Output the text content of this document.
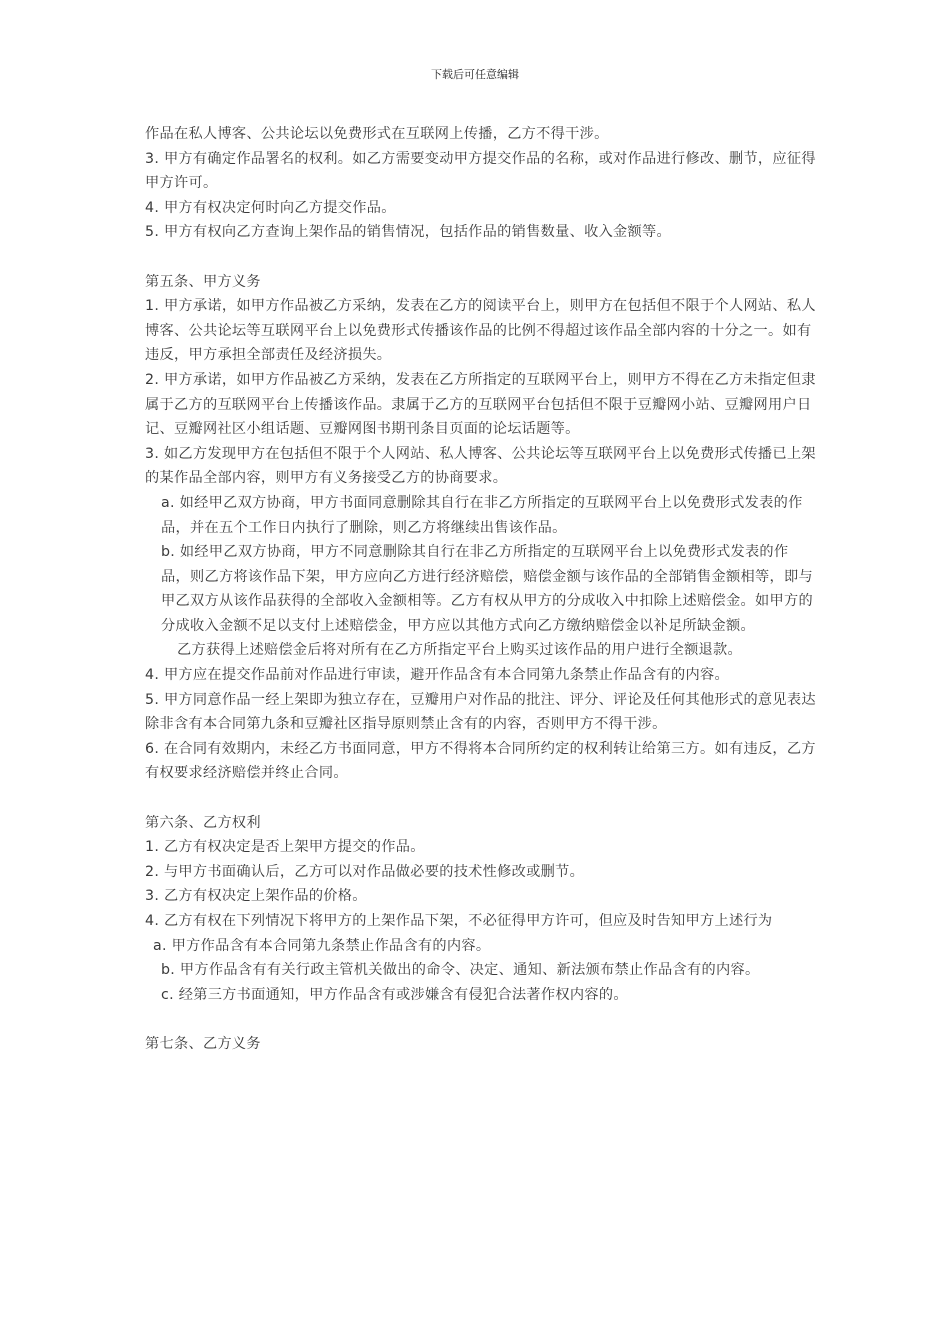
下载后可任意编辑

作品在私人博客、公共论坛以免费形式在互联网上传播，乙方不得干涉。

3. 甲方有确定作品署名的权利。如乙方需要变动甲方提交作品的名称，或对作品进行修改、删节，应征得甲方许可。

4. 甲方有权决定何时向乙方提交作品。

5. 甲方有权向乙方查询上架作品的销售情况，包括作品的销售数量、收入金额等。

第五条、甲方义务

1. 甲方承诺，如甲方作品被乙方采纳，发表在乙方的阅读平台上，则甲方在包括但不限于个人网站、私人博客、公共论坛等互联网平台上以免费形式传播该作品的比例不得超过该作品全部内容的十分之一。如有违反，甲方承担全部责任及经济损失。

2. 甲方承诺，如甲方作品被乙方采纳，发表在乙方所指定的互联网平台上，则甲方不得在乙方未指定但隶属于乙方的互联网平台上传播该作品。隶属于乙方的互联网平台包括但不限于豆瓣网小站、豆瓣网用户日记、豆瓣网社区小组话题、豆瓣网图书期刊条目页面的论坛话题等。

3. 如乙方发现甲方在包括但不限于个人网站、私人博客、公共论坛等互联网平台上以免费形式传播已上架的某作品全部内容，则甲方有义务接受乙方的协商要求。

a. 如经甲乙双方协商，甲方书面同意删除其自行在非乙方所指定的互联网平台上以免费形式发表的作品，并在五个工作日内执行了删除，则乙方将继续出售该作品。

b. 如经甲乙双方协商，甲方不同意删除其自行在非乙方所指定的互联网平台上以免费形式发表的作品，则乙方将该作品下架，甲方应向乙方进行经济赔偿，赔偿金额与该作品的全部销售金额相等，即与甲乙双方从该作品获得的全部收入金额相等。乙方有权从甲方的分成收入中扣除上述赔偿金。如甲方的分成收入金额不足以支付上述赔偿金，甲方应以其他方式向乙方缴纳赔偿金以补足所缺金额。

乙方获得上述赔偿金后将对所有在乙方所指定平台上购买过该作品的用户进行全额退款。

4. 甲方应在提交作品前对作品进行审读，避开作品含有本合同第九条禁止作品含有的内容。

5. 甲方同意作品一经上架即为独立存在，豆瓣用户对作品的批注、评分、评论及任何其他形式的意见表达除非含有本合同第九条和豆瓣社区指导原则禁止含有的内容，否则甲方不得干涉。

6. 在合同有效期内，未经乙方书面同意，甲方不得将本合同所约定的权利转让给第三方。如有违反，乙方有权要求经济赔偿并终止合同。

第六条、乙方权利

1. 乙方有权决定是否上架甲方提交的作品。

2. 与甲方书面确认后，乙方可以对作品做必要的技术性修改或删节。

3. 乙方有权决定上架作品的价格。

4. 乙方有权在下列情况下将甲方的上架作品下架，不必征得甲方许可，但应及时告知甲方上述行为

a. 甲方作品含有本合同第九条禁止作品含有的内容。

b. 甲方作品含有有关行政主管机关做出的命令、决定、通知、新法颁布禁止作品含有的内容。

c. 经第三方书面通知，甲方作品含有或涉嫌含有侵犯合法著作权内容的。

第七条、乙方义务
